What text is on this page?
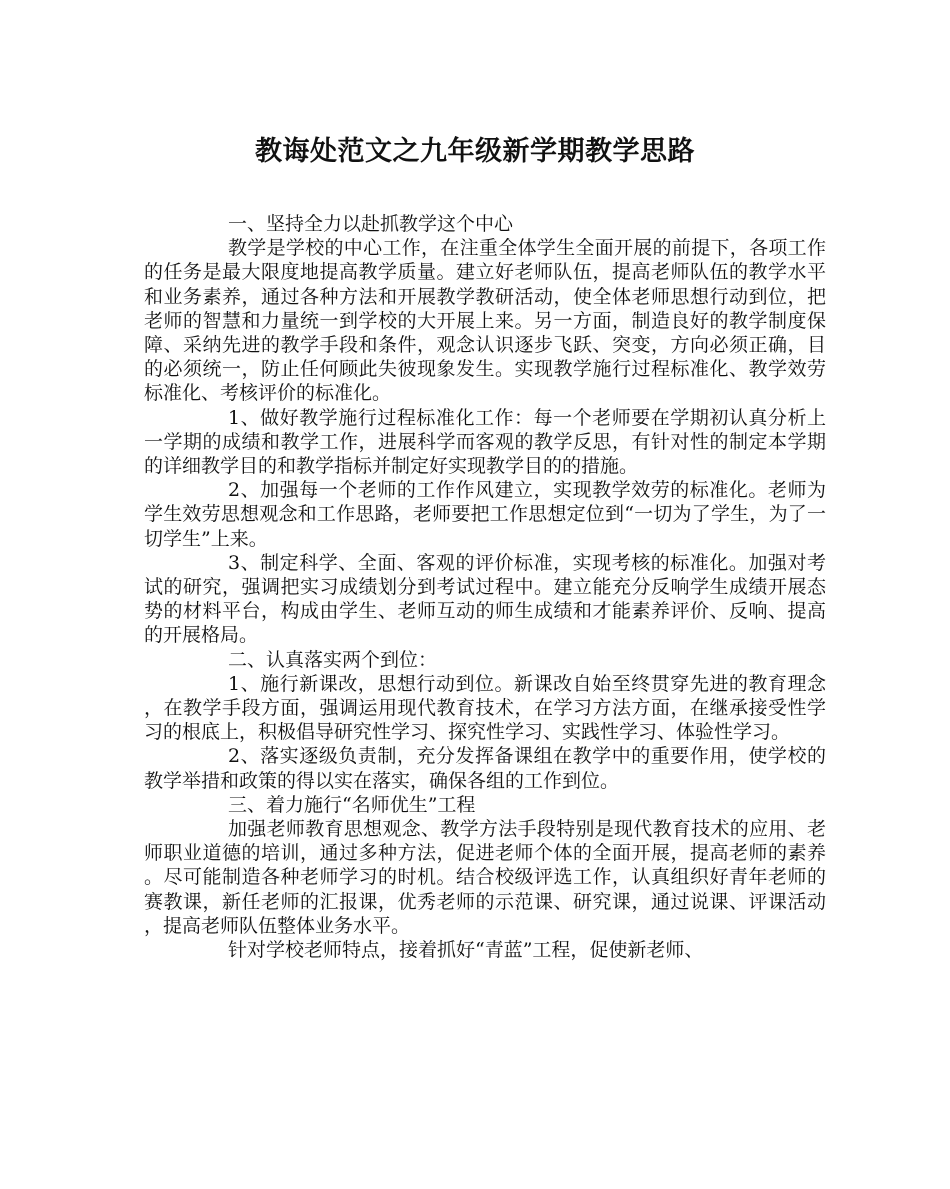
教诲处范文之九年级新学期教学思路

一、坚持全力以赴抓教学这个中心

教学是学校的中心工作，在注重全体学生全面开展的前提下，各项工作的任务是最大限度地提高教学质量。建立好老师队伍，提高老师队伍的教学水平和业务素养，通过各种方法和开展教学教研活动，使全体老师思想行动到位，把老师的智慧和力量统一到学校的大开展上来。另一方面，制造良好的教学制度保障、采纳先进的教学手段和条件，观念认识逐步飞跃、突变，方向必须正确，目的必须统一，防止任何顾此失彼现象发生。实现教学施行过程标准化、教学效劳标准化、考核评价的标准化。

1、做好教学施行过程标准化工作：每一个老师要在学期初认真分析上一学期的成绩和教学工作，进展科学而客观的教学反思，有针对性的制定本学期的详细教学目的和教学指标并制定好实现教学目的的措施。

2、加强每一个老师的工作作风建立，实现教学效劳的标准化。老师为学生效劳思想观念和工作思路，老师要把工作思想定位到“一切为了学生，为了一切学生”上来。

3、制定科学、全面、客观的评价标准，实现考核的标准化。加强对考试的研究，强调把实习成绩划分到考试过程中。建立能充分反响学生成绩开展态势的材料平台，构成由学生、老师互动的师生成绩和才能素养评价、反响、提高的开展格局。

二、认真落实两个到位：

1、施行新课改，思想行动到位。新课改自始至终贯穿先进的教育理念，在教学手段方面，强调运用现代教育技术，在学习方法方面，在继承接受性学习的根底上，积极倡导研究性学习、探究性学习、实践性学习、体验性学习。

2、落实逐级负责制，充分发挥备课组在教学中的重要作用，使学校的教学举措和政策的得以实在落实，确保各组的工作到位。

三、着力施行“名师优生”工程

加强老师教育思想观念、教学方法手段特别是现代教育技术的应用、老师职业道德的培训，通过多种方法，促进老师个体的全面开展，提高老师的素养。尽可能制造各种老师学习的时机。结合校级评选工作，认真组织好青年老师的赛教课，新任老师的汇报课，优秀老师的示范课、研究课，通过说课、评课活动，提高老师队伍整体业务水平。

针对学校老师特点，接着抓好“青蓝”工程，促使新老师、
